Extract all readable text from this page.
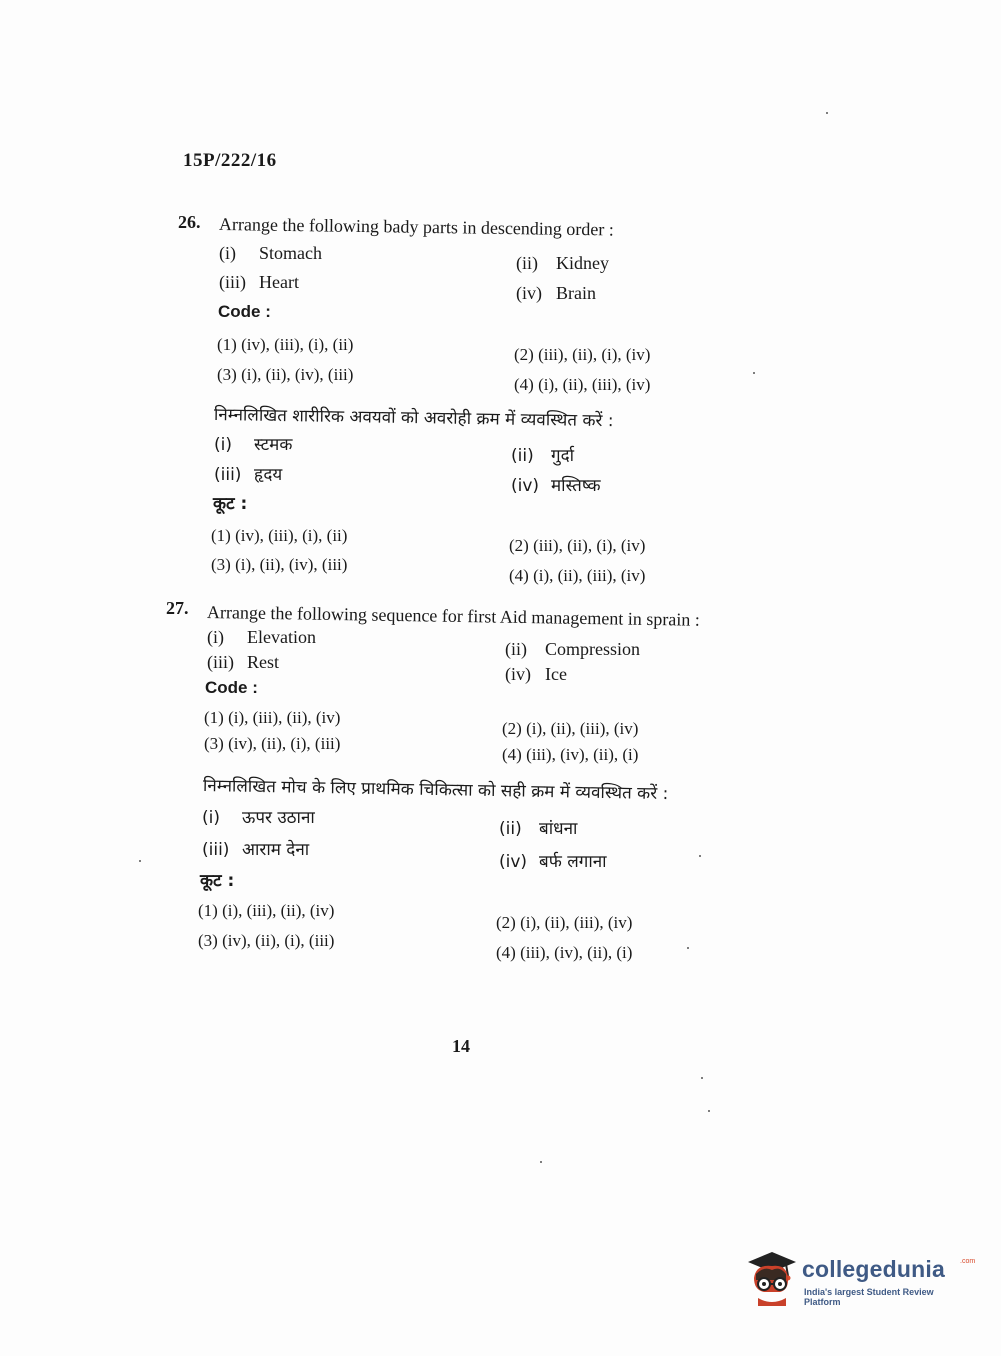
15P/222/16
26. Arrange the following bady parts in descending order :
(i) Stomach	(ii) Kidney
(iii) Heart
(iv) Brain
Code :
(1) (iv), (iii), (i), (ii)
(2) (iii), (ii), (i), (iv)
(3) (i), (ii), (iv), (iii)
(4) (i), (ii), (iii), (iv)
निम्नलिखित शारीरिक अवयवों को अवरोही क्रम में व्यवस्थित करें :
(i) स्टमक
(ii) गुर्दा
(iii) हृदय
(iv) मस्तिष्क
कूट :
(1) (iv), (iii), (i), (ii)
(2) (iii), (ii), (i), (iv)
(3) (i), (ii), (iv), (iii)
(4) (i), (ii), (iii), (iv)
27. Arrange the following sequence for first Aid management in sprain :
(i) Elevation
(ii) Compression
(iii) Rest
(iv) Ice
Code :
(1) (i), (iii), (ii), (iv)
(2) (i), (ii), (iii), (iv)
(3) (iv), (ii), (i), (iii)
(4) (iii), (iv), (ii), (i)
निम्नलिखित मोच के लिए प्राथमिक चिकित्सा को सही क्रम में व्यवस्थित करें :
(i) ऊपर उठाना
(ii) बांधना
(iii) आराम देना
(iv) बर्फ लगाना
कूट :
(1) (i), (iii), (ii), (iv)
(2) (i), (ii), (iii), (iv)
(3) (iv), (ii), (i), (iii)
(4) (iii), (iv), (ii), (i)
14
collegedunia .com
India's largest Student Review Platform
